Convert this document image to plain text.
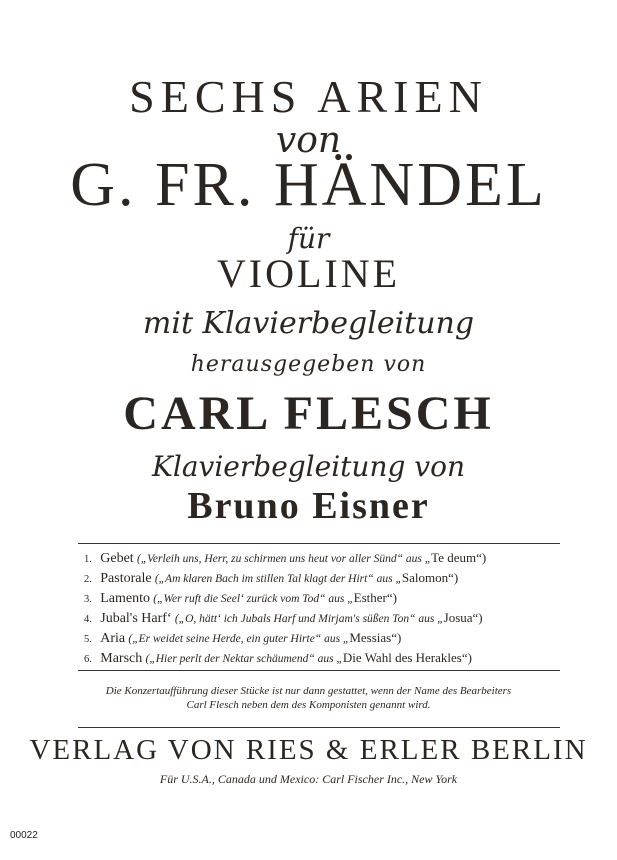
SECHS ARIEN
von
G. FR. HÄNDEL
für
VIOLINE
mit Klavierbegleitung
herausgegeben von
CARL FLESCH
Klavierbegleitung von
Bruno Eisner
1. Gebet („Verleih uns, Herr, zu schirmen uns heut vor aller Sünd“ aus „Te deum“)
2. Pastorale („Am klaren Bach im stillen Tal klagt der Hirt“ aus „Salomon“)
3. Lamento („Wer ruft die Seel‘ zurück vom Tod“ aus „Esther“)
4. Jubal's Harf‘ („O, hätt‘ ich Jubals Harf und Mirjam's süßen Ton“ aus „Josua“)
5. Aria („Er weidet seine Herde, ein guter Hirte“ aus „Messias“)
6. Marsch („Hier perlt der Nektar schäumend“ aus „Die Wahl des Herakles“)
Die Konzertaufführung dieser Stücke ist nur dann gestattet, wenn der Name des Bearbeiters
Carl Flesch neben dem des Komponisten genannt wird.
VERLAG VON RIES & ERLER BERLIN
Für U.S.A., Canada und Mexico: Carl Fischer Inc., New York
00022
